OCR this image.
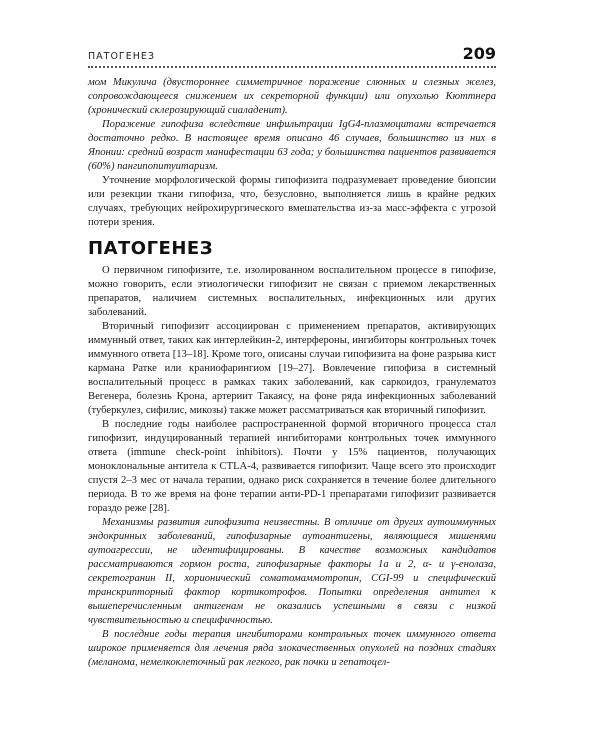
ПАТОГЕНЕЗ	209

мом Микулича (двустороннее симметричное поражение слюнных и слезных желез, сопровождающееся снижением их секреторной функции) или опухолью Кюттнера (хронический склерозирующий сиаладенит).

Поражение гипофиза вследствие инфильтрации IgG4-плазмоцитами встречается достаточно редко. В настоящее время описано 46 случаев, большинство из них в Японии: средний возраст манифестации 63 года; у большинства пациентов развивается (60%) пангипопитуитаризм.

Уточнение морфологической формы гипофизита подразумевает проведение биопсии или резекции ткани гипофиза, что, безусловно, выполняется лишь в крайне редких случаях, требующих нейрохирургического вмешательства из-за масс-эффекта с угрозой потери зрения.

ПАТОГЕНЕЗ

О первичном гипофизите, т.е. изолированном воспалительном процессе в гипофизе, можно говорить, если этиологически гипофизит не связан с приемом лекарственных препаратов, наличием системных воспалительных, инфекционных или других заболеваний.

Вторичный гипофизит ассоциирован с применением препаратов, активирующих иммунный ответ, таких как интерлейкин-2, интерфероны, ингибиторы контрольных точек иммунного ответа [13–18]. Кроме того, описаны случаи гипофизита на фоне разрыва кист кармана Ратке или краниофарингиом [19–27]. Вовлечение гипофиза в системный воспалительный процесс в рамках таких заболеваний, как саркоидоз, гранулематоз Вегенера, болезнь Крона, артериит Такаясу, на фоне ряда инфекционных заболеваний (туберкулез, сифилис, микозы) также может рассматриваться как вторичный гипофизит.

В последние годы наиболее распространенной формой вторичного процесса стал гипофизит, индуцированный терапией ингибиторами контрольных точек иммунного ответа (immune check-point inhibitors). Почти у 15% пациентов, получающих моноклональные антитела к CTLA-4, развивается гипофизит. Чаще всего это происходит спустя 2–3 мес от начала терапии, однако риск сохраняется в течение более длительного периода. В то же время на фоне терапии анти-PD-1 препаратами гипофизит развивается гораздо реже [28].

Механизмы развития гипофизита неизвестны. В отличие от других аутоиммунных эндокринных заболеваний, гипофизарные аутоантигены, являющиеся мишенями аутоагрессии, не идентифицированы. В качестве возможных кандидатов рассматриваются гормон роста, гипофизарные факторы 1a и 2, α- и γ-енолаза, секретогранин II, хорионический соматомаммотропин, CGI-99 и специфический транскрипторный фактор кортикотрофов. Попытки определения антител к вышеперечисленным антигенам не оказались успешными в связи с низкой чувствительностью и специфичностью.

В последние годы терапия ингибиторами контрольных точек иммунного ответа широкое применяется для лечения ряда злокачественных опухолей на поздних стадиях (меланома, немелкоклеточный рак легкого, рак почки и гепатоцел-
